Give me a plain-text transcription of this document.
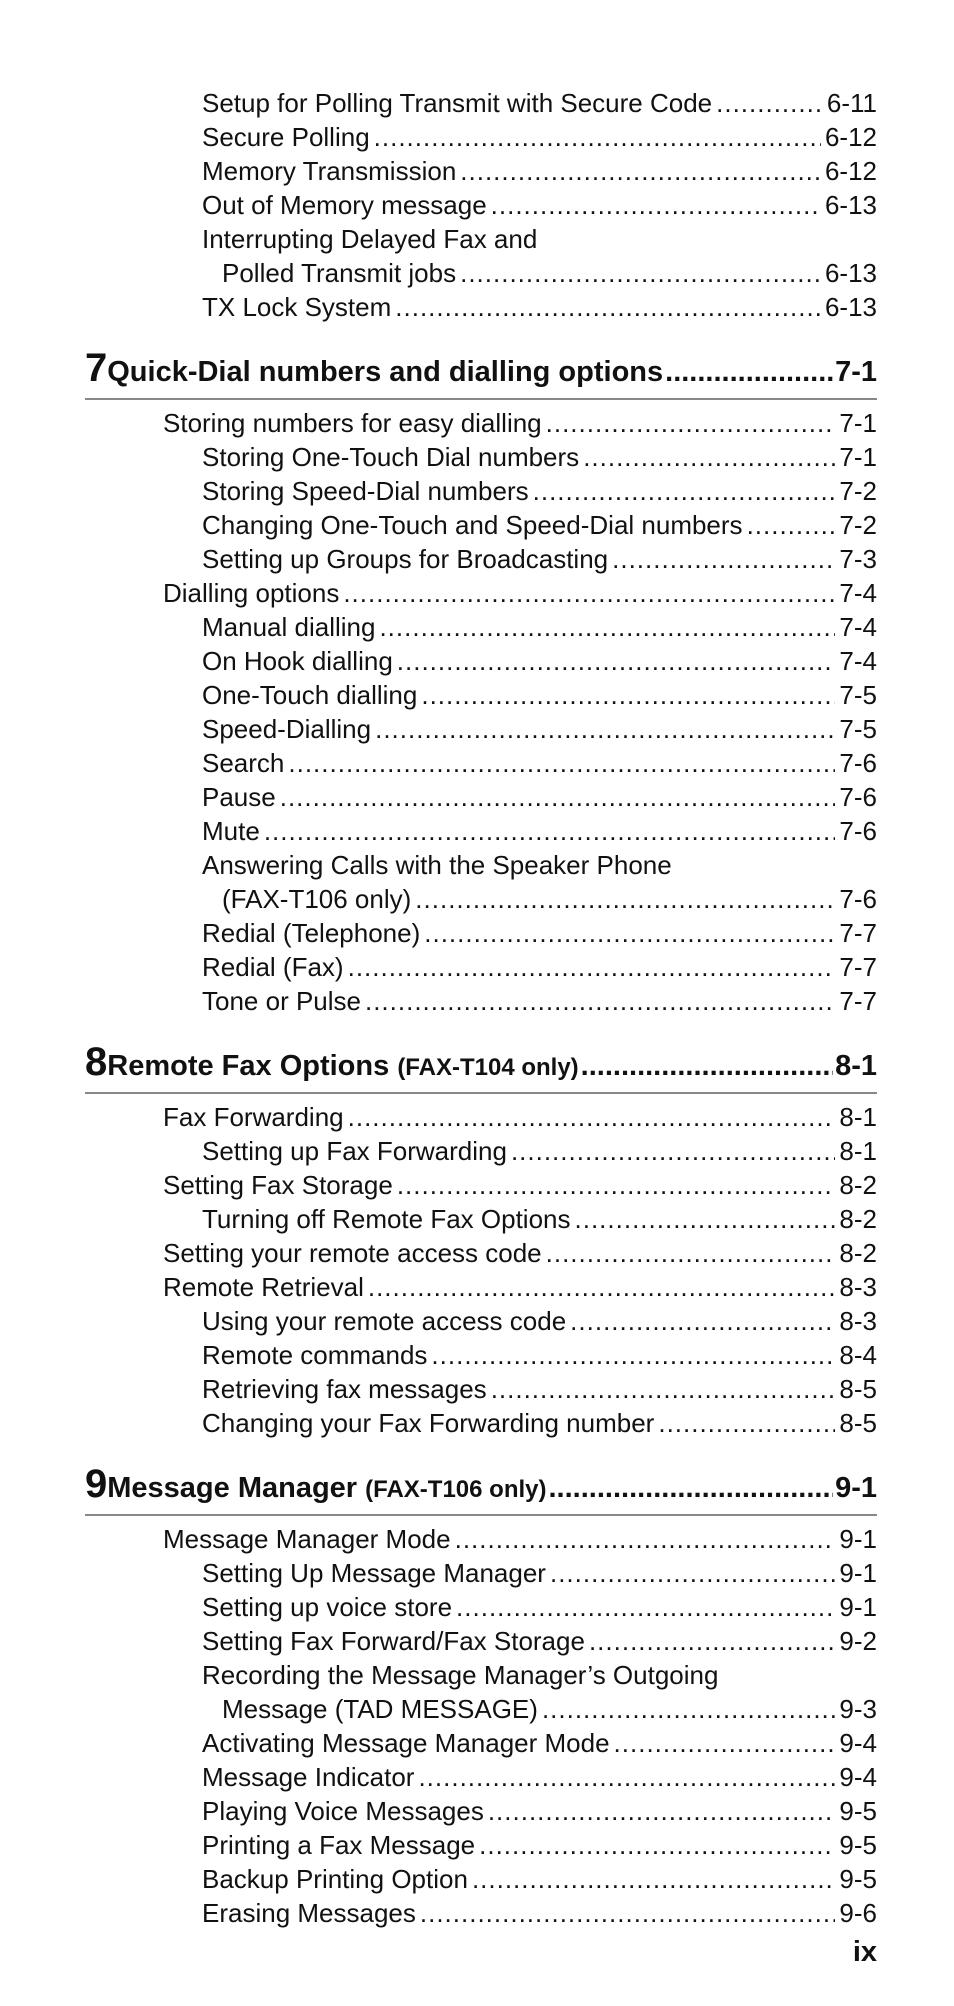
Setup for Polling Transmit with Secure Code .....	6-11
Secure Polling .....	6-12
Memory Transmission .....	6-12
Out of Memory message .....	6-13
Interrupting Delayed Fax and
Polled Transmit jobs .....	6-13
TX Lock System .....	6-13
7 Quick-Dial numbers and dialling options .....	7-1
Storing numbers for easy dialling .....	7-1
Storing One-Touch Dial numbers .....	7-1
Storing Speed-Dial numbers .....	7-2
Changing One-Touch and Speed-Dial numbers .....	7-2
Setting up Groups for Broadcasting .....	7-3
Dialling options .....	7-4
Manual dialling .....	7-4
On Hook dialling .....	7-4
One-Touch dialling .....	7-5
Speed-Dialling .....	7-5
Search .....	7-6
Pause .....	7-6
Mute .....	7-6
Answering Calls with the Speaker Phone
(FAX-T106 only) .....	7-6
Redial (Telephone) .....	7-7
Redial (Fax) .....	7-7
Tone or Pulse .....	7-7
8 Remote Fax Options (FAX-T104 only) .....	8-1
Fax Forwarding .....	8-1
Setting up Fax Forwarding .....	8-1
Setting Fax Storage .....	8-2
Turning off Remote Fax Options .....	8-2
Setting your remote access code .....	8-2
Remote Retrieval .....	8-3
Using your remote access code .....	8-3
Remote commands .....	8-4
Retrieving fax messages .....	8-5
Changing your Fax Forwarding number .....	8-5
9 Message Manager (FAX-T106 only) .....	9-1
Message Manager Mode .....	9-1
Setting Up Message Manager .....	9-1
Setting up voice store .....	9-1
Setting Fax Forward/Fax Storage .....	9-2
Recording the Message Manager’s Outgoing
Message (TAD MESSAGE) .....	9-3
Activating Message Manager Mode .....	9-4
Message Indicator .....	9-4
Playing Voice Messages .....	9-5
Printing a Fax Message .....	9-5
Backup Printing Option .....	9-5
Erasing Messages .....	9-6
ix
